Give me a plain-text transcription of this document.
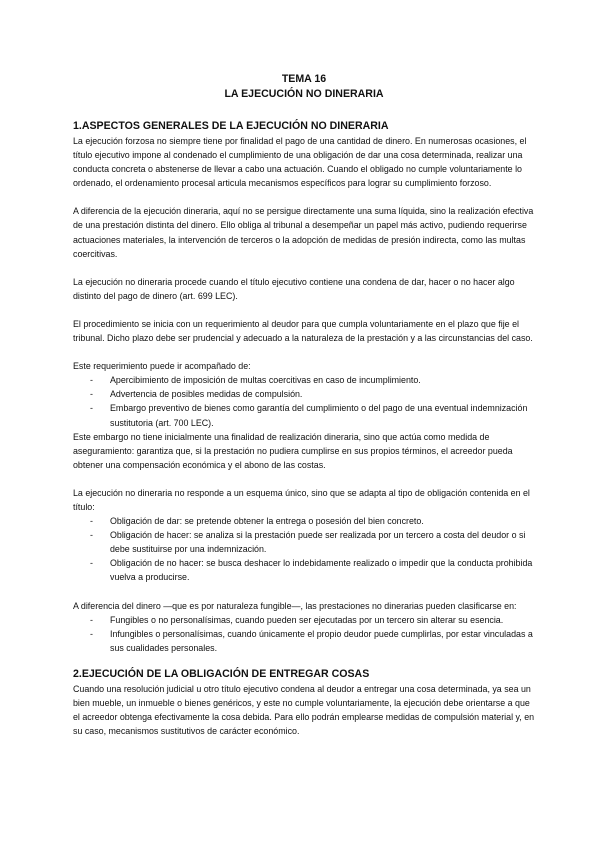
TEMA 16

LA EJECUCIÓN NO DINERARIA

1.ASPECTOS GENERALES DE LA EJECUCIÓN NO DINERARIA

La ejecución forzosa no siempre tiene por finalidad el pago de una cantidad de dinero. En numerosas ocasiones, el título ejecutivo impone al condenado el cumplimiento de una obligación de dar una cosa determinada, realizar una conducta concreta o abstenerse de llevar a cabo una actuación. Cuando el obligado no cumple voluntariamente lo ordenado, el ordenamiento procesal articula mecanismos específicos para lograr su cumplimiento forzoso.

A diferencia de la ejecución dineraria, aquí no se persigue directamente una suma líquida, sino la realización efectiva de una prestación distinta del dinero. Ello obliga al tribunal a desempeñar un papel más activo, pudiendo requerirse actuaciones materiales, la intervención de terceros o la adopción de medidas de presión indirecta, como las multas coercitivas.

La ejecución no dineraria procede cuando el título ejecutivo contiene una condena de dar, hacer o no hacer algo distinto del pago de dinero (art. 699 LEC).

El procedimiento se inicia con un requerimiento al deudor para que cumpla voluntariamente en el plazo que fije el tribunal. Dicho plazo debe ser prudencial y adecuado a la naturaleza de la prestación y a las circunstancias del caso.

Este requerimiento puede ir acompañado de:

- Apercibimiento de imposición de multas coercitivas en caso de incumplimiento.
- Advertencia de posibles medidas de compulsión.
- Embargo preventivo de bienes como garantía del cumplimiento o del pago de una eventual indemnización sustitutoria (art. 700 LEC).

Este embargo no tiene inicialmente una finalidad de realización dineraria, sino que actúa como medida de aseguramiento: garantiza que, si la prestación no pudiera cumplirse en sus propios términos, el acreedor pueda obtener una compensación económica y el abono de las costas.

La ejecución no dineraria no responde a un esquema único, sino que se adapta al tipo de obligación contenida en el título:

- Obligación de dar: se pretende obtener la entrega o posesión del bien concreto.
- Obligación de hacer: se analiza si la prestación puede ser realizada por un tercero a costa del deudor o si debe sustituirse por una indemnización.
- Obligación de no hacer: se busca deshacer lo indebidamente realizado o impedir que la conducta prohibida vuelva a producirse.

A diferencia del dinero —que es por naturaleza fungible—, las prestaciones no dinerarias pueden clasificarse en:

- Fungibles o no personalísimas, cuando pueden ser ejecutadas por un tercero sin alterar su esencia.
- Infungibles o personalísimas, cuando únicamente el propio deudor puede cumplirlas, por estar vinculadas a sus cualidades personales.

2.EJECUCIÓN DE LA OBLIGACIÓN DE ENTREGAR COSAS

Cuando una resolución judicial u otro título ejecutivo condena al deudor a entregar una cosa determinada, ya sea un bien mueble, un inmueble o bienes genéricos, y este no cumple voluntariamente, la ejecución debe orientarse a que el acreedor obtenga efectivamente la cosa debida. Para ello podrán emplearse medidas de compulsión material y, en su caso, mecanismos sustitutivos de carácter económico.
